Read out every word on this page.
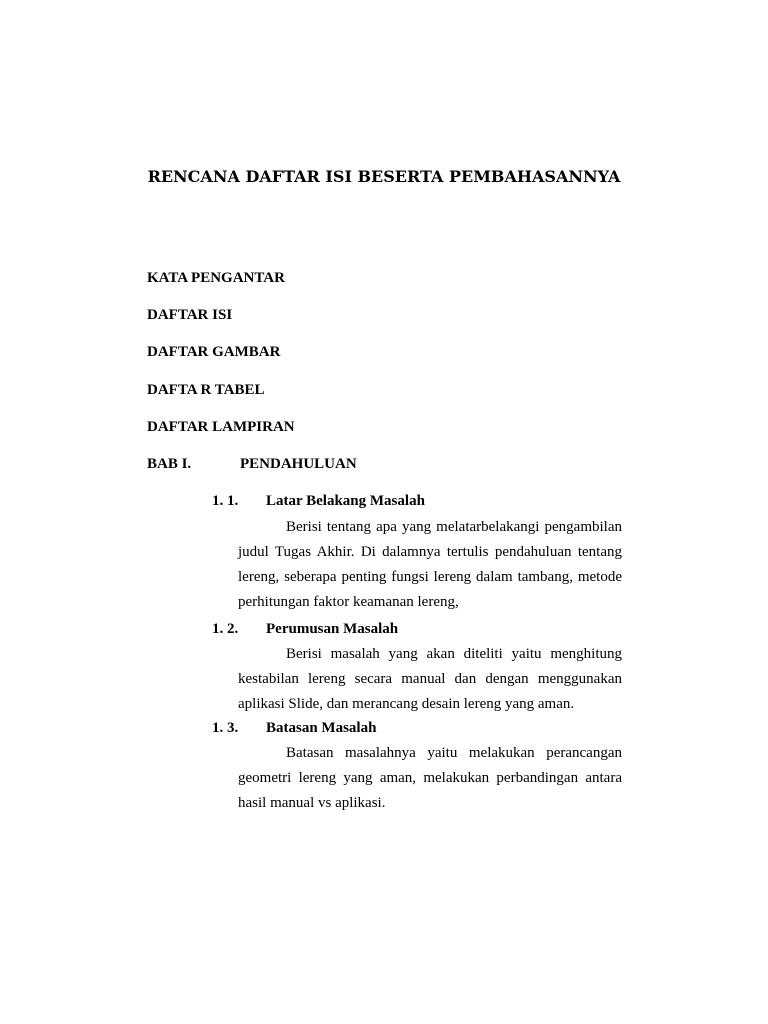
RENCANA DAFTAR ISI BESERTA PEMBAHASANNYA
KATA PENGANTAR
DAFTAR ISI
DAFTAR GAMBAR
DAFTA R TABEL
DAFTAR LAMPIRAN
BAB I.	PENDAHULUAN
1. 1. Latar Belakang Masalah

Berisi tentang apa yang melatarbelakangi pengambilan judul Tugas Akhir. Di dalamnya tertulis pendahuluan tentang lereng, seberapa penting fungsi lereng dalam tambang, metode perhitungan faktor keamanan lereng,

1. 2. Perumusan Masalah

Berisi masalah yang akan diteliti yaitu menghitung kestabilan lereng secara manual dan dengan menggunakan aplikasi Slide, dan merancang desain lereng yang aman.

1. 3. Batasan Masalah

Batasan masalahnya yaitu melakukan perancangan geometri lereng yang aman, melakukan perbandingan antara hasil manual vs aplikasi.
